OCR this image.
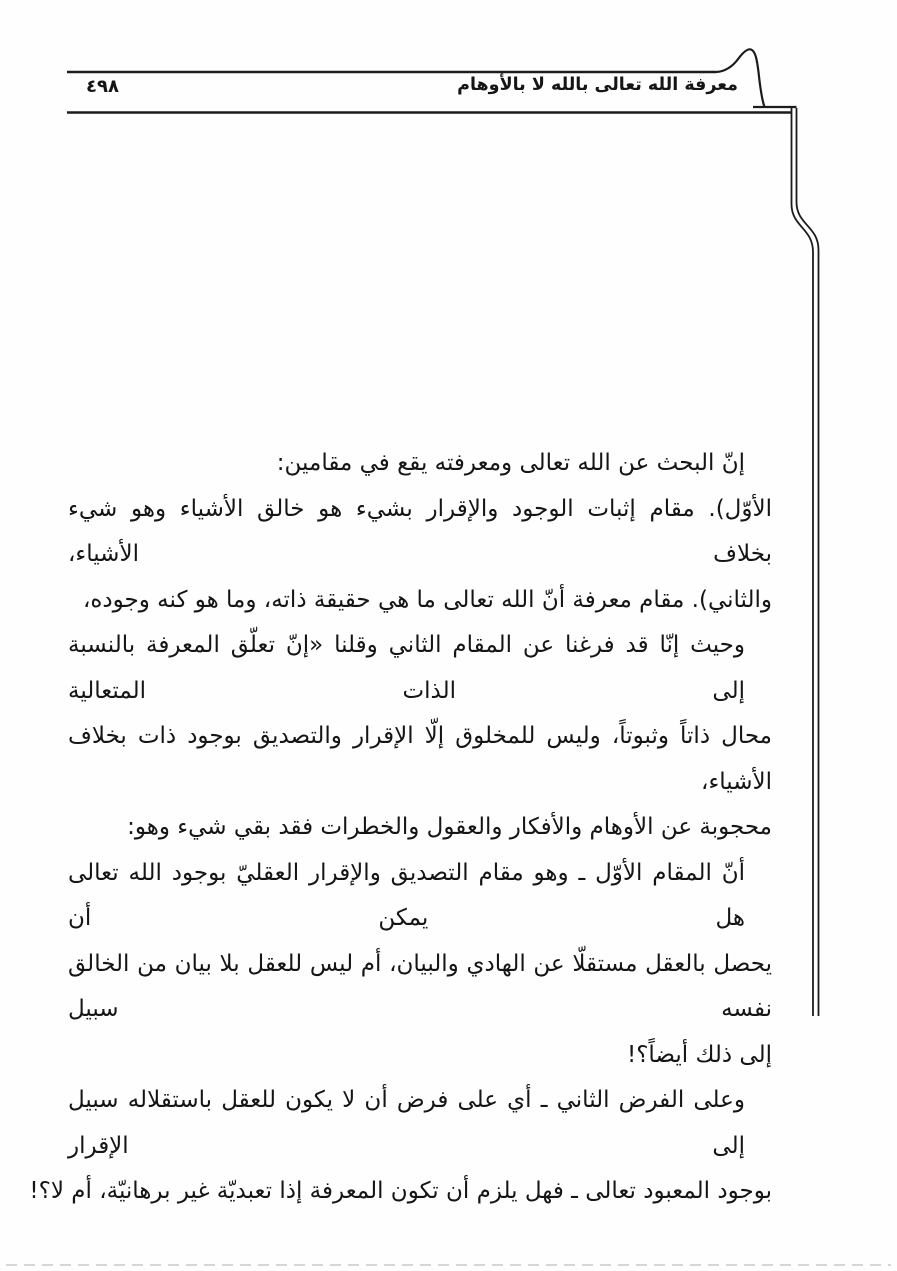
٤٩٨	معرفة الله تعالى بالله لا بالأوهام
إنّ البحث عن الله تعالى ومعرفته يقع في مقامين:
الأوّل). مقام إثبات الوجود والإقرار بشيء هو خالق الأشياء وهو شيء بخلاف الأشياء،
والثاني). مقام معرفة أنّ الله تعالى ما هي حقيقة ذاته، وما هو كنه وجوده،
وحيث إنّا قد فرغنا عن المقام الثاني وقلنا «إنّ تعلّق المعرفة بالنسبة إلى الذات المتعالية
محال ذاتاً وثبوتاً، وليس للمخلوق إلّا الإقرار والتصديق بوجود ذات بخلاف الأشياء،
محجوبة عن الأوهام والأفكار والعقول والخطرات فقد بقي شيء وهو:
أنّ المقام الأوّل ـ وهو مقام التصديق والإقرار العقليّ بوجود الله تعالى هل يمكن أن
يحصل بالعقل مستقلّا عن الهادي والبيان، أم ليس للعقل بلا بيان من الخالق نفسه سبيل
إلى ذلك أيضاً؟!
وعلى الفرض الثاني ـ أي على فرض أن لا يكون للعقل باستقلاله سبيل إلى الإقرار
بوجود المعبود تعالى ـ فهل يلزم أن تكون المعرفة إذا تعبديّة غير برهانيّة، أم لا؟!
